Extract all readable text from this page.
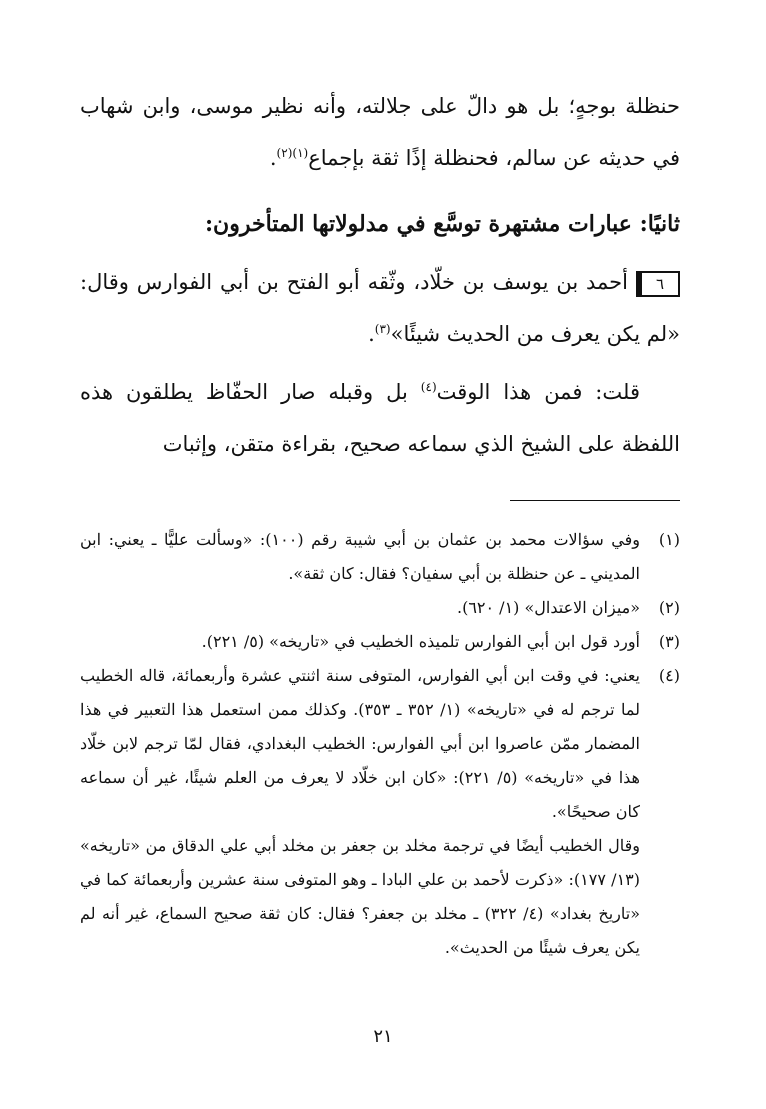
حنظلة بوجهٍ؛ بل هو دالّ على جلالته، وأنه نظير موسى، وابن شهاب في حديثه عن سالم، فحنظلة إذًا ثقة بإجماع$^{(١)(٢)}$.

ثانيًا: عبارات مشتهرة توسَّع في مدلولاتها المتأخرون:

٦أحمد بن يوسف بن خلّاد، وثّقه أبو الفتح بن أبي الفوارس وقال: «لم يكن يعرف من الحديث شيئًا»$^{(٣)}$.

قلت: فمن هذا الوقت$^{(٤)}$ بل وقبله صار الحفّاظ يطلقون هذه اللفظة على الشيخ الذي سماعه صحيح، بقراءة متقن، وإثبات

(١)
وفي سؤالات محمد بن عثمان بن أبي شيبة رقم (١٠٠): «وسألت عليًّا ـ يعني: ابن المديني ـ عن حنظلة بن أبي سفيان؟ فقال: كان ثقة».
(٢)
«ميزان الاعتدال» (١/ ٦٢٠).
(٣)
أورد قول ابن أبي الفوارس تلميذه الخطيب في «تاريخه» (٥/ ٢٢١).
(٤)
يعني: في وقت ابن أبي الفوارس، المتوفى سنة اثنتي عشرة وأربعمائة، قاله الخطيب لما ترجم له في «تاريخه» (١/ ٣٥٢ ـ ٣٥٣). وكذلك ممن استعمل هذا التعبير في هذا المضمار ممّن عاصروا ابن أبي الفوارس: الخطيب البغدادي، فقال لمّا ترجم لابن خلّاد هذا في «تاريخه» (٥/ ٢٢١): «كان ابن خلّاد لا يعرف من العلم شيئًا، غير أن سماعه كان صحيحًا».
وقال الخطيب أيضًا في ترجمة مخلد بن جعفر بن مخلد أبي علي الدقاق من «تاريخه» (١٣/ ١٧٧): «ذكرت لأحمد بن علي البادا ـ وهو المتوفى سنة عشرين وأربعمائة كما في «تاريخ بغداد» (٤/ ٣٢٢) ـ مخلد بن جعفر؟ فقال: كان ثقة صحيح السماع، غير أنه لم يكن يعرف شيئًا من الحديث».
٢١
